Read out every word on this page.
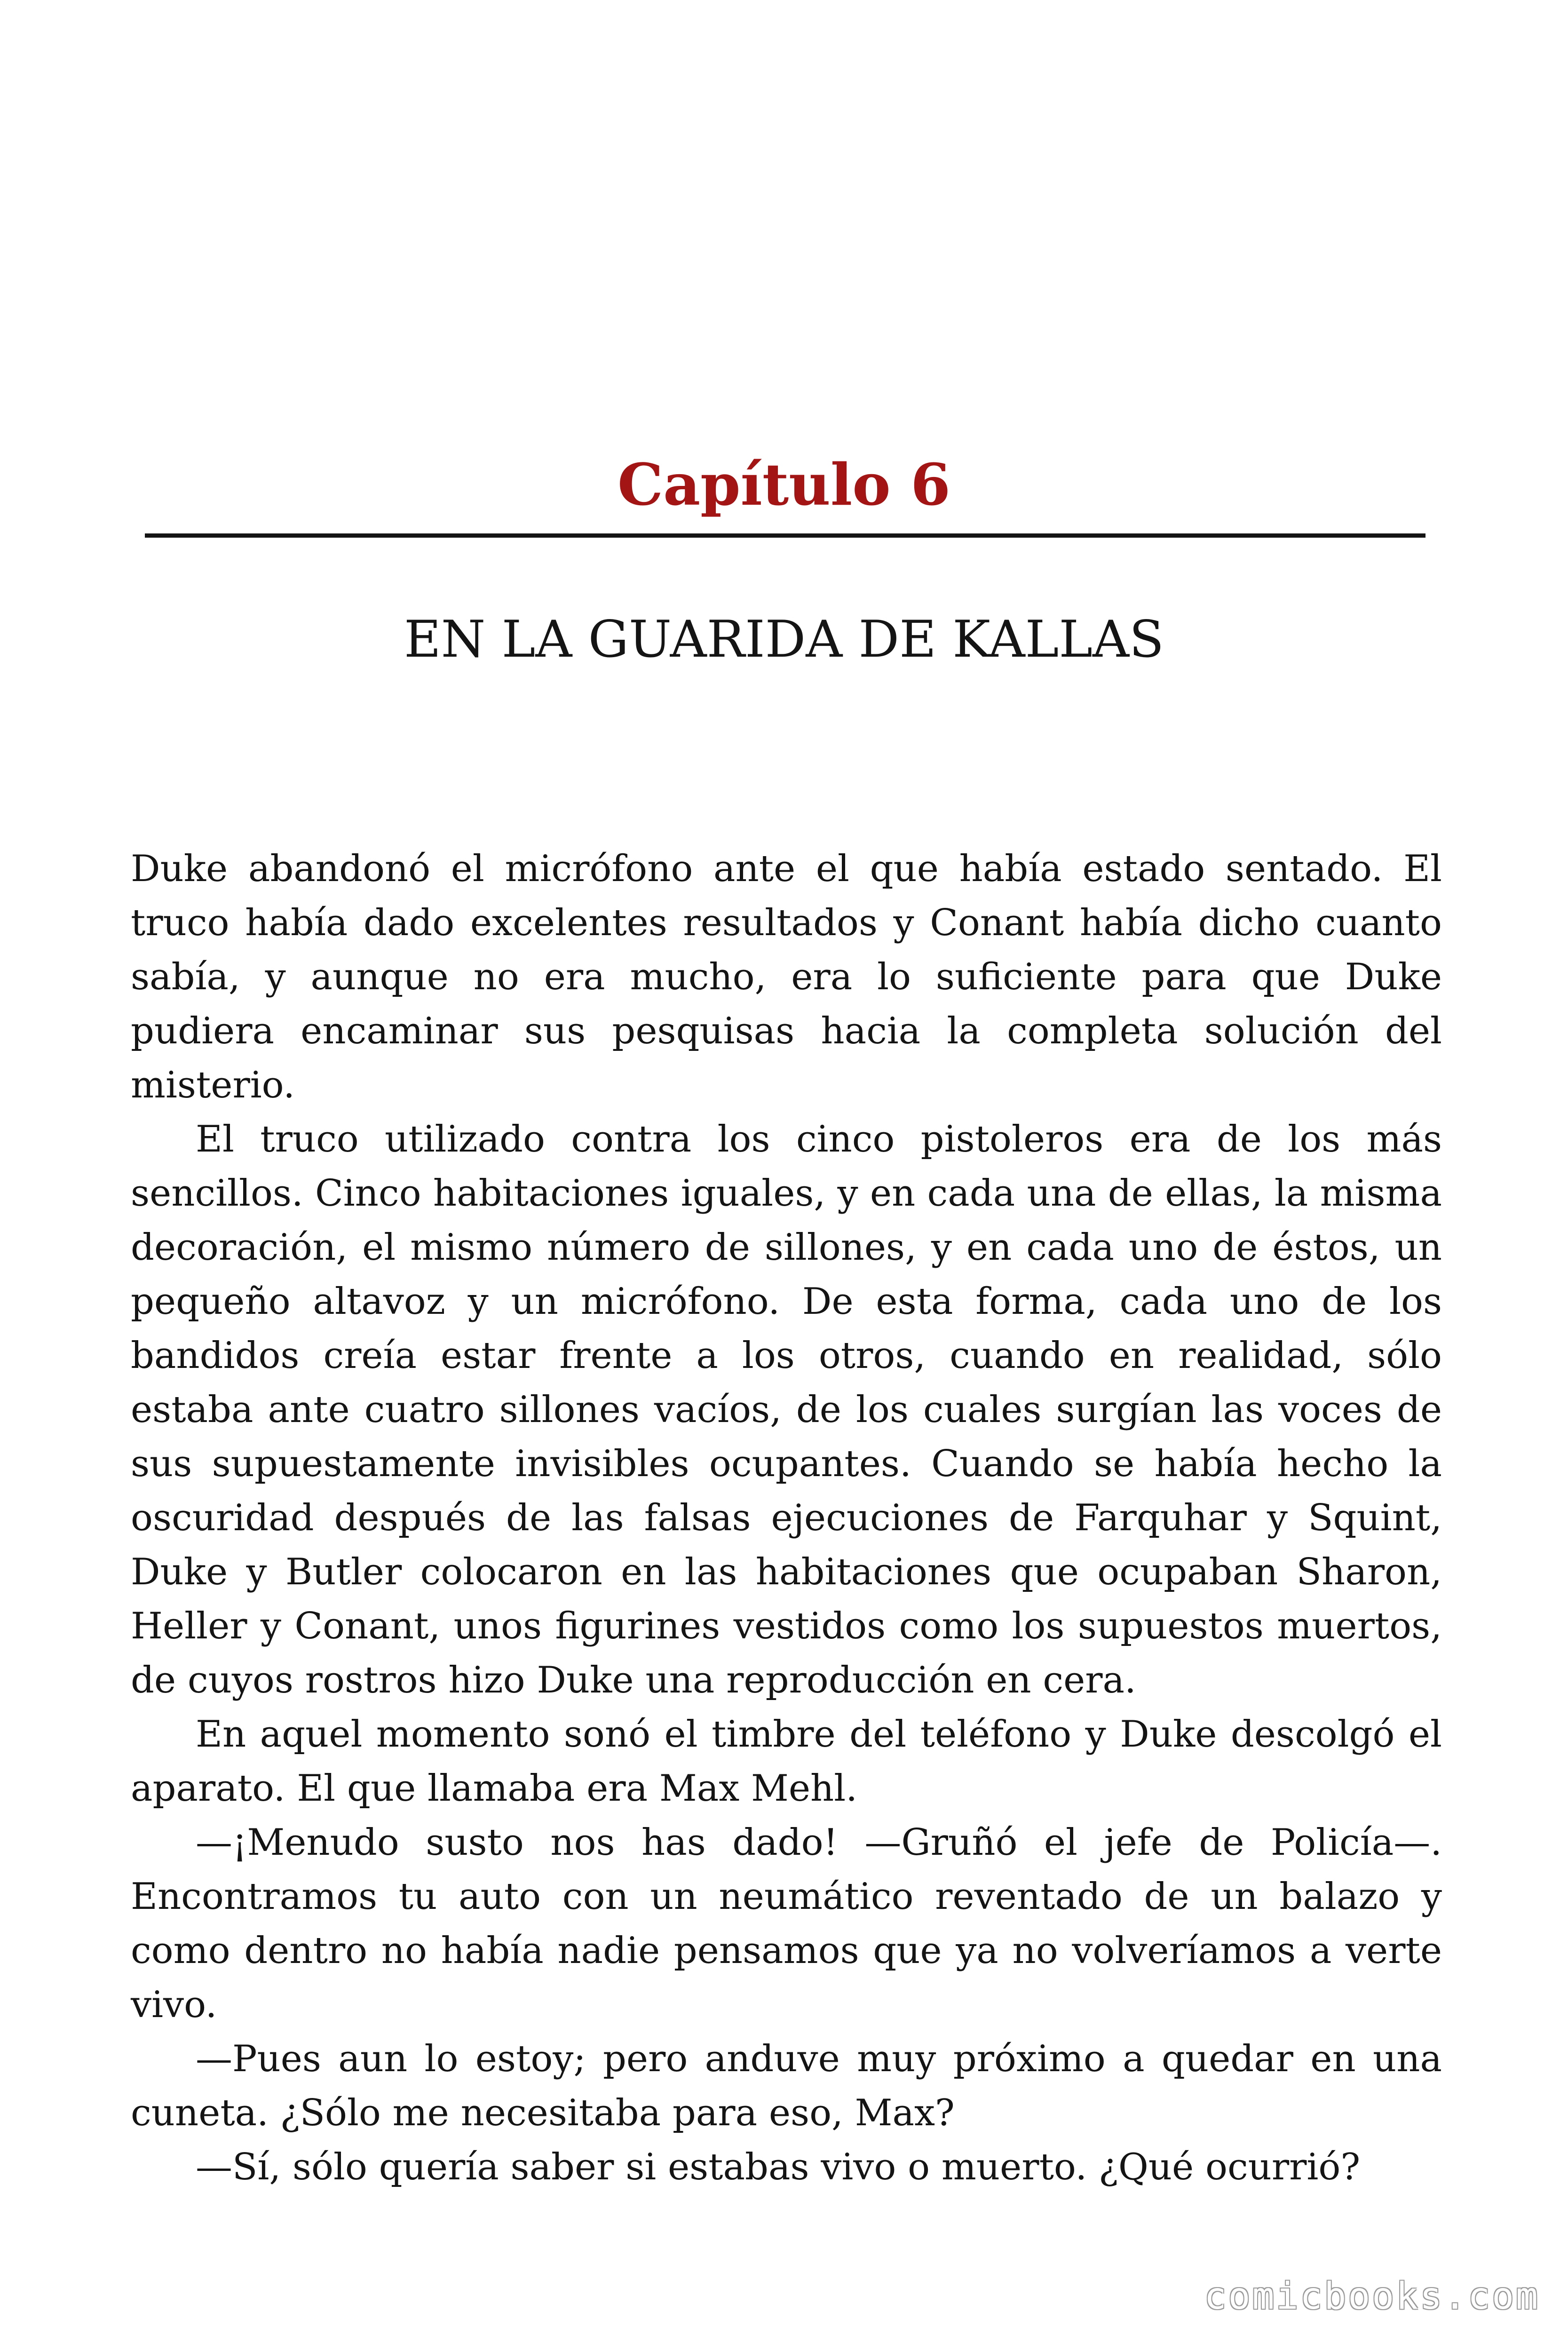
Capítulo 6
EN LA GUARIDA DE KALLAS

Duke abandonó el micrófono ante el que había estado sentado. El truco había dado excelentes resultados y Conant había dicho cuanto sabía, y aunque no era mucho, era lo suficiente para que Duke pudiera encaminar sus pesquisas hacia la completa solución del misterio.

El truco utilizado contra los cinco pistoleros era de los más sencillos. Cinco habitaciones iguales, y en cada una de ellas, la misma decoración, el mismo número de sillones, y en cada uno de éstos, un pequeño altavoz y un micrófono. De esta forma, cada uno de los bandidos creía estar frente a los otros, cuando en realidad, sólo estaba ante cuatro sillones vacíos, de los cuales surgían las voces de sus supuestamente invisibles ocupantes. Cuando se había hecho la oscuridad después de las falsas ejecuciones de Farquhar y Squint, Duke y Butler colocaron en las habitaciones que ocupaban Sharon, Heller y Conant, unos figurines vestidos como los supuestos muertos, de cuyos rostros hizo Duke una reproducción en cera.

En aquel momento sonó el timbre del teléfono y Duke descolgó el aparato. El que llamaba era Max Mehl.

—¡Menudo susto nos has dado! —Gruñó el jefe de Policía—. Encontramos tu auto con un neumático reventado de un balazo y como dentro no había nadie pensamos que ya no volveríamos a verte vivo.

—Pues aun lo estoy; pero anduve muy próximo a quedar en una cuneta. ¿Sólo me necesitaba para eso, Max?

—Sí, sólo quería saber si estabas vivo o muerto. ¿Qué ocurrió?

comicbooks.com
